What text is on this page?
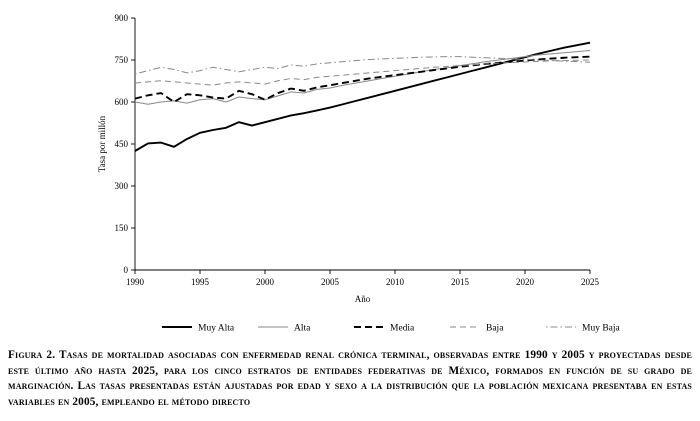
0
150
300
450
600
750
900
1990	1995	2000	2005	2010	2015	2020	2025
Tasa por millón
Año
Muy Alta	Alta	Media	Baja	Muy Baja
Figura 2. Tasas de mortalidad asociadas con enfermedad renal crónica terminal, observadas entre 1990 y 2005 y proyectadas desde este último año hasta 2025, para los cinco estratos de entidades federativas de México, formados en función de su grado de marginación. Las tasas presentadas están ajustadas por edad y sexo a la distribución que la población mexicana presentaba en estas variables en 2005, empleando el método directo
